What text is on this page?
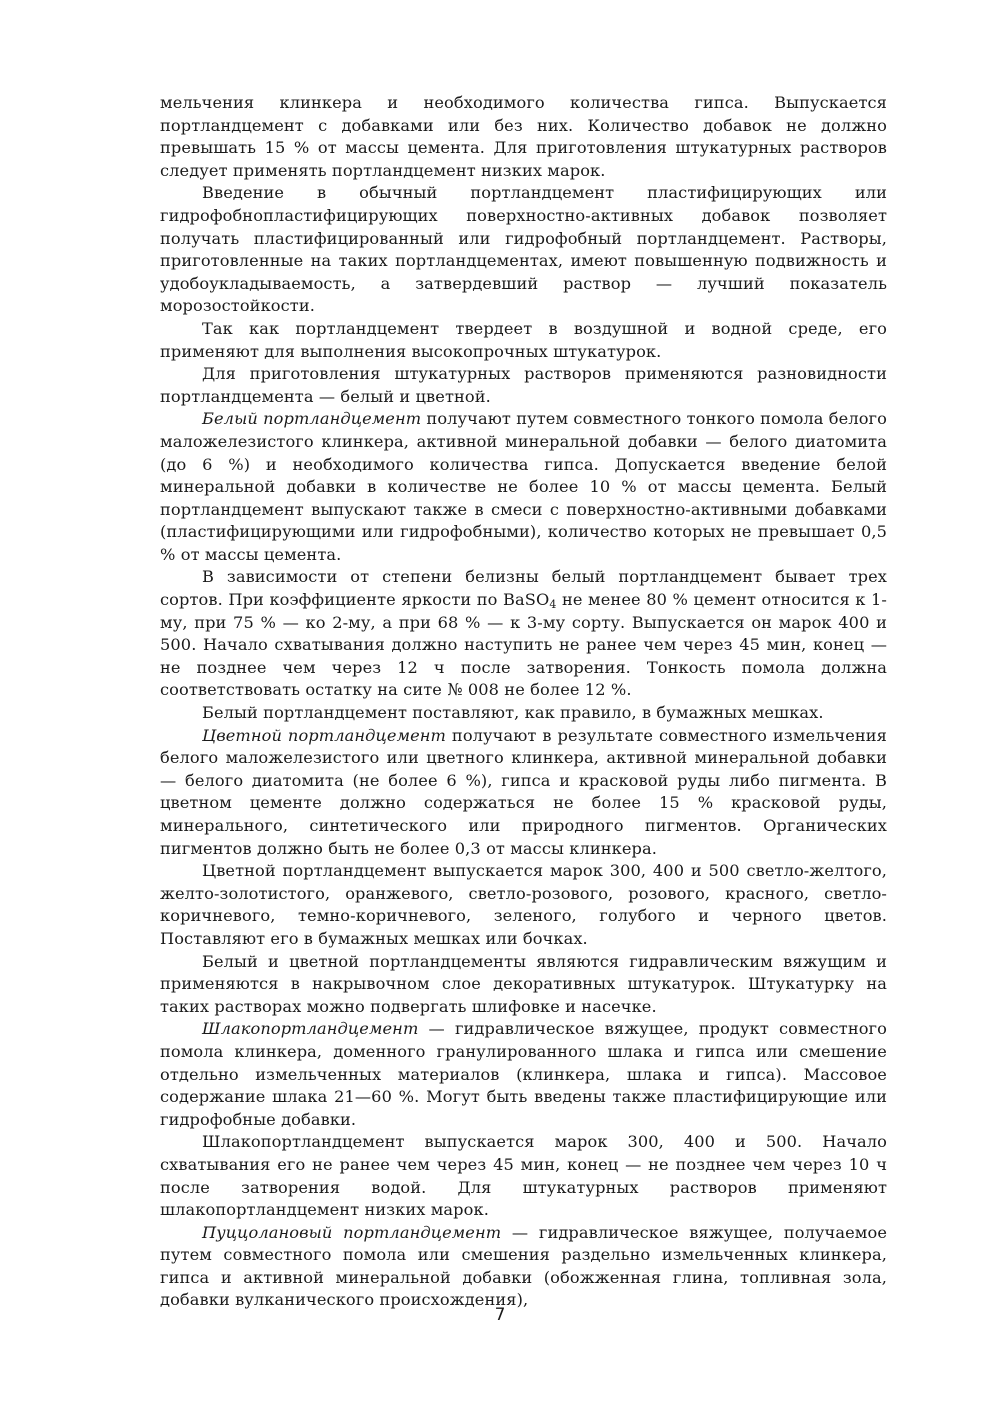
мельчения клинкера и необходимого количества гипса. Выпускается портландцемент с добавками или без них. Количество добавок не должно превышать 15 % от массы цемента. Для приготовления штукатурных растворов следует применять портландцемент низких марок.

Введение в обычный портландцемент пластифицирующих или гидрофобнопластифицирующих поверхностно-активных добавок позволяет получать пластифицированный или гидрофобный портландцемент. Растворы, приготовленные на таких портландцементах, имеют повышенную подвижность и удобоукладываемость, а затвердевший раствор — лучший показатель морозостойкости.

Так как портландцемент твердеет в воздушной и водной среде, его применяют для выполнения высокопрочных штукатурок.

Для приготовления штукатурных растворов применяются разновидности портландцемента — белый и цветной.

Белый портландцемент получают путем совместного тонкого помола белого маложелезистого клинкера, активной минеральной добавки — белого диатомита (до 6 %) и необходимого количества гипса. Допускается введение белой минеральной добавки в количестве не более 10 % от массы цемента. Белый портландцемент выпускают также в смеси с поверхностно-активными добавками (пластифицирующими или гидрофобными), количество которых не превышает 0,5 % от массы цемента.

В зависимости от степени белизны белый портландцемент бывает трех сортов. При коэффициенте яркости по BaSO$_4$ не менее 80 % цемент относится к 1-му, при 75 % — ко 2-му, а при 68 % — к 3-му сорту. Выпускается он марок 400 и 500. Начало схватывания должно наступить не ранее чем через 45 мин, конец — не позднее чем через 12 ч после затворения. Тонкость помола должна соответствовать остатку на сите № 008 не более 12 %.

Белый портландцемент поставляют, как правило, в бумажных мешках.

Цветной портландцемент получают в результате совместного измельчения белого маложелезистого или цветного клинкера, активной минеральной добавки — белого диатомита (не более 6 %), гипса и красковой руды либо пигмента. В цветном цементе должно содержаться не более 15 % красковой руды, минерального, синтетического или природного пигментов. Органических пигментов должно быть не более 0,3 от массы клинкера.

Цветной портландцемент выпускается марок 300, 400 и 500 светло-желтого, желто-золотистого, оранжевого, светло-розового, розового, красного, светло-коричневого, темно-коричневого, зеленого, голубого и черного цветов. Поставляют его в бумажных мешках или бочках.

Белый и цветной портландцементы являются гидравлическим вяжущим и применяются в накрывочном слое декоративных штукатурок. Штукатурку на таких растворах можно подвергать шлифовке и насечке.

Шлакопортландцемент — гидравлическое вяжущее, продукт совместного помола клинкера, доменного гранулированного шлака и гипса или смешение отдельно измельченных материалов (клинкера, шлака и гипса). Массовое содержание шлака 21—60 %. Могут быть введены также пластифицирующие или гидрофобные добавки.

Шлакопортландцемент выпускается марок 300, 400 и 500. Начало схватывания его не ранее чем через 45 мин, конец — не позднее чем через 10 ч после затворения водой. Для штукатурных растворов применяют шлакопортландцемент низких марок.

Пуццолановый портландцемент — гидравлическое вяжущее, получаемое путем совместного помола или смешения раздельно измельченных клинкера, гипса и активной минеральной добавки (обожженная глина, топливная зола, добавки вулканического происхождения),

7
